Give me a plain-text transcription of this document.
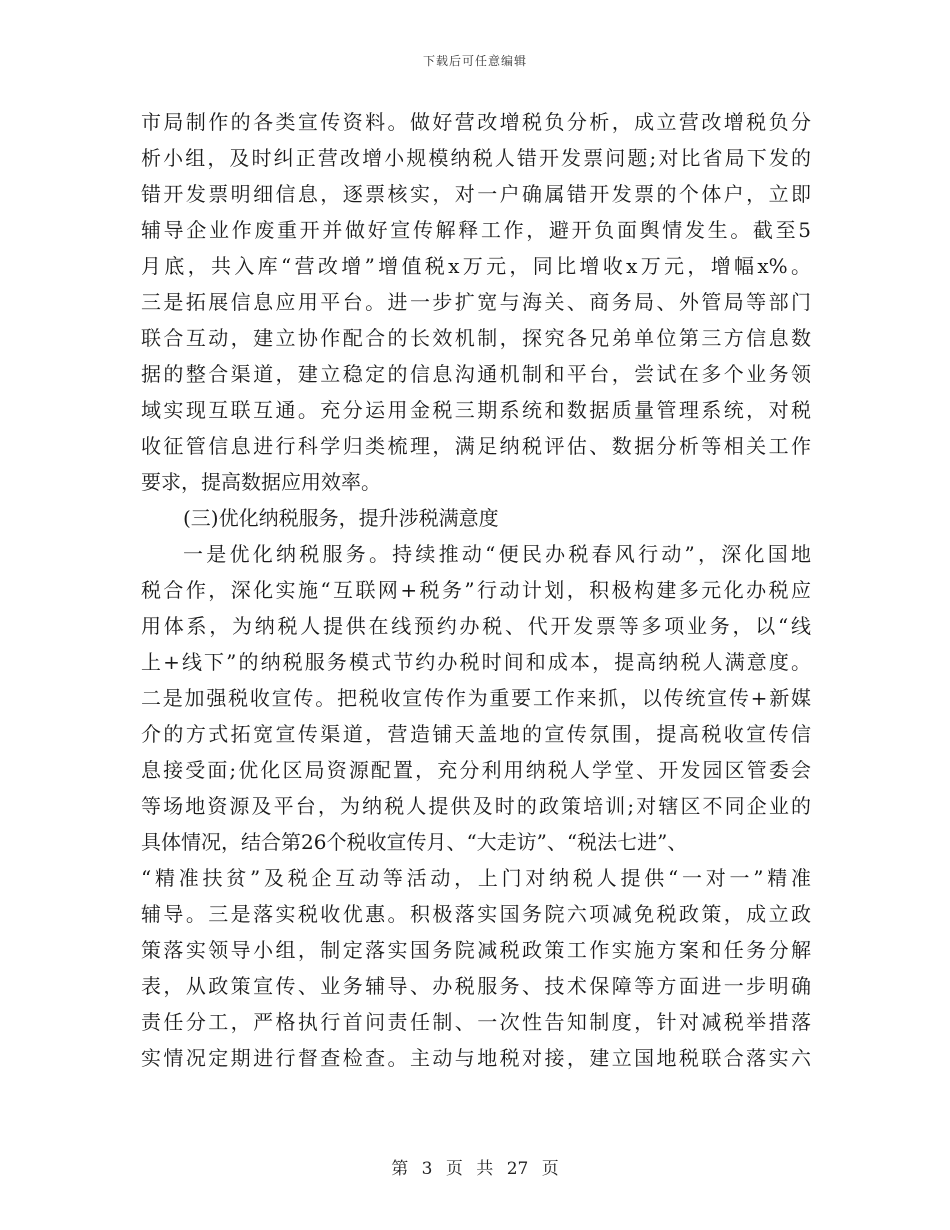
下载后可任意编辑
市局制作的各类宣传资料。做好营改增税负分析，成立营改增税负分
析小组，及时纠正营改增小规模纳税人错开发票问题;对比省局下发的
错开发票明细信息，逐票核实，对一户确属错开发票的个体户，立即
辅导企业作废重开并做好宣传解释工作，避开负面舆情发生。截至5
月底，共入库“营改增”增值税x万元，同比增收x万元，增幅x%。
三是拓展信息应用平台。进一步扩宽与海关、商务局、外管局等部门
联合互动，建立协作配合的长效机制，探究各兄弟单位第三方信息数
据的整合渠道，建立稳定的信息沟通机制和平台，尝试在多个业务领
域实现互联互通。充分运用金税三期系统和数据质量管理系统，对税
收征管信息进行科学归类梳理，满足纳税评估、数据分析等相关工作
要求，提高数据应用效率。
(三)优化纳税服务，提升涉税满意度
一是优化纳税服务。持续推动“便民办税春风行动”，深化国地
税合作，深化实施“互联网+税务”行动计划，积极构建多元化办税应
用体系，为纳税人提供在线预约办税、代开发票等多项业务，以“线
上+线下”的纳税服务模式节约办税时间和成本，提高纳税人满意度。
二是加强税收宣传。把税收宣传作为重要工作来抓，以传统宣传+新媒
介的方式拓宽宣传渠道，营造铺天盖地的宣传氛围，提高税收宣传信
息接受面;优化区局资源配置，充分利用纳税人学堂、开发园区管委会
等场地资源及平台，为纳税人提供及时的政策培训;对辖区不同企业的
具体情况，结合第26个税收宣传月、“大走访”、“税法七进”、
“精准扶贫”及税企互动等活动，上门对纳税人提供“一对一”精准
辅导。三是落实税收优惠。积极落实国务院六项减免税政策，成立政
策落实领导小组，制定落实国务院减税政策工作实施方案和任务分解
表，从政策宣传、业务辅导、办税服务、技术保障等方面进一步明确
责任分工，严格执行首问责任制、一次性告知制度，针对减税举措落
实情况定期进行督查检查。主动与地税对接，建立国地税联合落实六
第 3 页 共 27 页
